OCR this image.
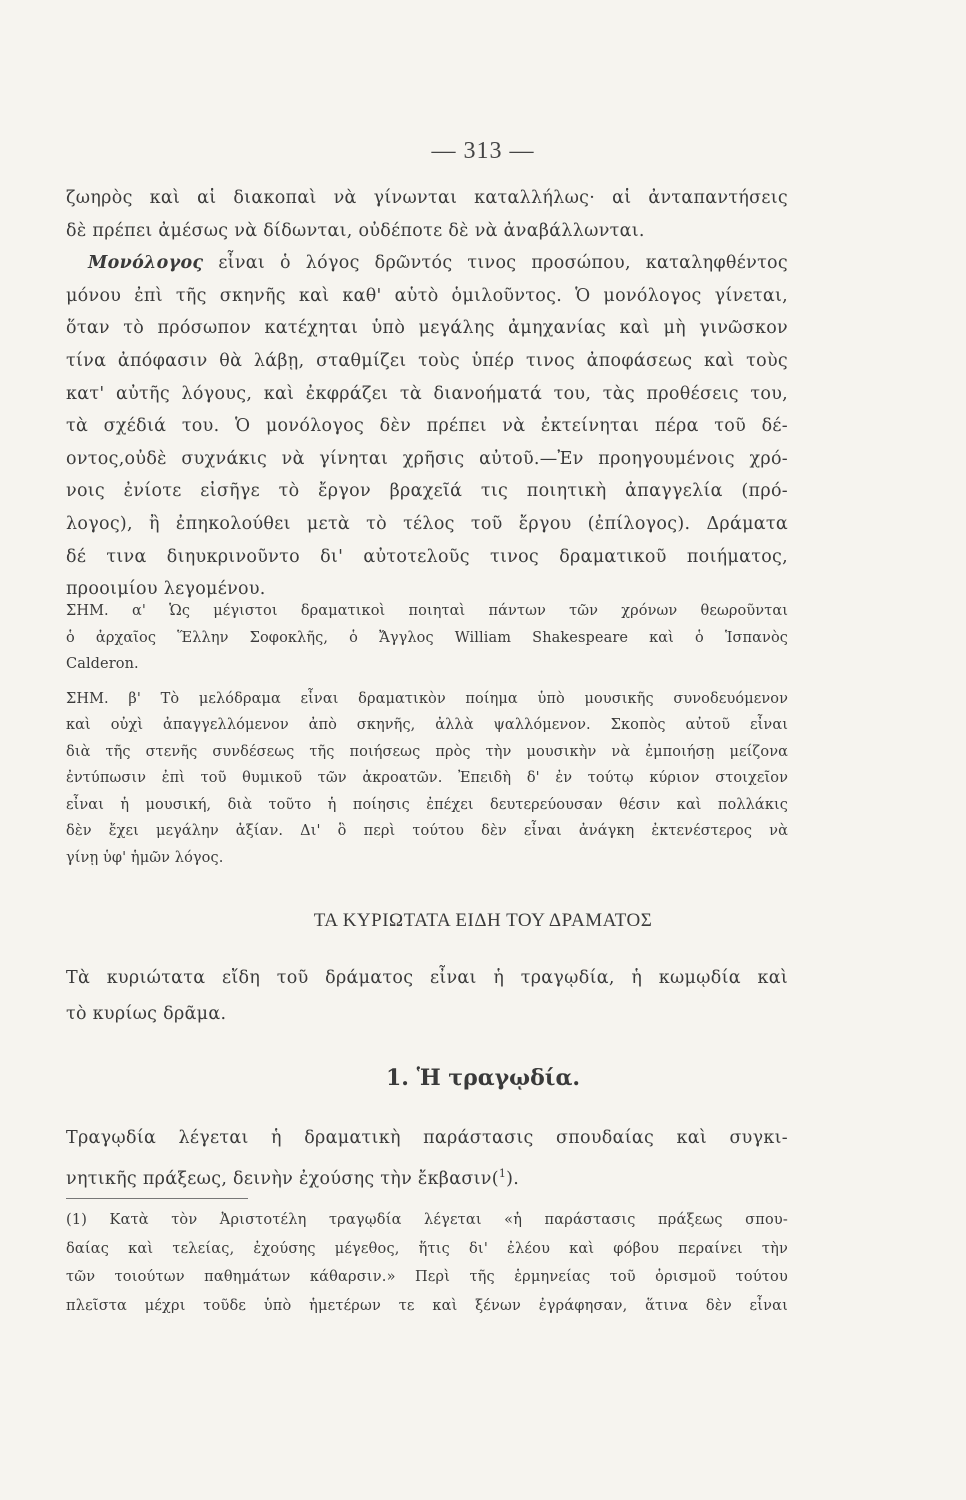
— 313 —
ζωηρὸς καὶ αἱ διακοπαὶ νὰ γίνωνται καταλλήλως· αἱ ἀνταπαντήσεις
δὲ πρέπει ἀμέσως νὰ δίδωνται, οὐδέποτε δὲ νὰ ἀναβάλλωνται.
Μονόλογος εἶναι ὁ λόγος δρῶντός τινος προσώπου, καταληφθέντος
μόνου ἐπὶ τῆς σκηνῆς καὶ καθ' αὑτὸ ὁμιλοῦντος. Ὁ μονόλογος γίνεται,
ὅταν τὸ πρόσωπον κατέχηται ὑπὸ μεγάλης ἀμηχανίας καὶ μὴ γινῶσκον
τίνα ἀπόφασιν θὰ λάβῃ, σταθμίζει τοὺς ὑπέρ τινος ἀποφάσεως καὶ τοὺς
κατ' αὐτῆς λόγους, καὶ ἐκφράζει τὰ διανοήματά του, τὰς προθέσεις του,
τὰ σχέδιά του. Ὁ μονόλογος δὲν πρέπει νὰ ἐκτείνηται πέρα τοῦ δέ-
οντος,οὐδὲ συχνάκις νὰ γίνηται χρῆσις αὐτοῦ.—Ἐν προηγουμένοις χρό-
νοις ἐνίοτε εἰσῆγε τὸ ἔργον βραχεῖά τις ποιητικὴ ἀπαγγελία (πρό-
λογος), ἢ ἐπηκολούθει μετὰ τὸ τέλος τοῦ ἔργου (ἐπίλογος). Δράματα
δέ τινα διηυκρινοῦντο δι' αὐτοτελοῦς τινος δραματικοῦ ποιήματος,
προοιμίου λεγομένου.
ΣΗΜ. α' Ὡς μέγιστοι δραματικοὶ ποιηταὶ πάντων τῶν χρόνων θεωροῦνται
ὁ ἀρχαῖος Ἕλλην Σοφοκλῆς, ὁ Ἄγγλος William Shakespeare καὶ ὁ Ἱσπανὸς
Calderon.
ΣΗΜ. β' Τὸ μελόδραμα εἶναι δραματικὸν ποίημα ὑπὸ μουσικῆς συνοδευόμενον
καὶ οὐχὶ ἀπαγγελλόμενον ἀπὸ σκηνῆς, ἀλλὰ ψαλλόμενον. Σκοπὸς αὐτοῦ εἶναι
διὰ τῆς στενῆς συνδέσεως τῆς ποιήσεως πρὸς τὴν μουσικὴν νὰ ἐμποιήσῃ μείζονα
ἐντύπωσιν ἐπὶ τοῦ θυμικοῦ τῶν ἀκροατῶν. Ἐπειδὴ δ' ἐν τούτῳ κύριον στοιχεῖον
εἶναι ἡ μουσική, διὰ τοῦτο ἡ ποίησις ἐπέχει δευτερεύουσαν θέσιν καὶ πολλάκις
δὲν ἔχει μεγάλην ἀξίαν. Δι' ὃ περὶ τούτου δὲν εἶναι ἀνάγκη ἐκτενέστερος νὰ
γίνῃ ὑφ' ἡμῶν λόγος.
ΤΑ ΚΥΡΙΩΤΑΤΑ ΕΙΔΗ ΤΟΥ ΔΡΑΜΑΤΟΣ
Τὰ κυριώτατα εἴδη τοῦ δράματος εἶναι ἡ τραγῳδία, ἡ κωμῳδία καὶ
τὸ κυρίως δρᾶμα.
1. Ἡ τραγῳδία.
Τραγῳδία λέγεται ἡ δραματικὴ παράστασις σπουδαίας καὶ συγκι-
νητικῆς πράξεως, δεινὴν ἐχούσης τὴν ἔκβασιν($^1$).
(1) Κατὰ τὸν Ἀριστοτέλη τραγῳδία λέγεται «ἡ παράστασις πράξεως σπου-
δαίας καὶ τελείας, ἐχούσης μέγεθος, ἥτις δι' ἐλέου καὶ φόβου περαίνει τὴν
τῶν τοιούτων παθημάτων κάθαρσιν.» Περὶ τῆς ἑρμηνείας τοῦ ὁρισμοῦ τούτου
πλεῖστα μέχρι τοῦδε ὑπὸ ἡμετέρων τε καὶ ξένων ἐγράφησαν, ἅτινα δὲν εἶναι
